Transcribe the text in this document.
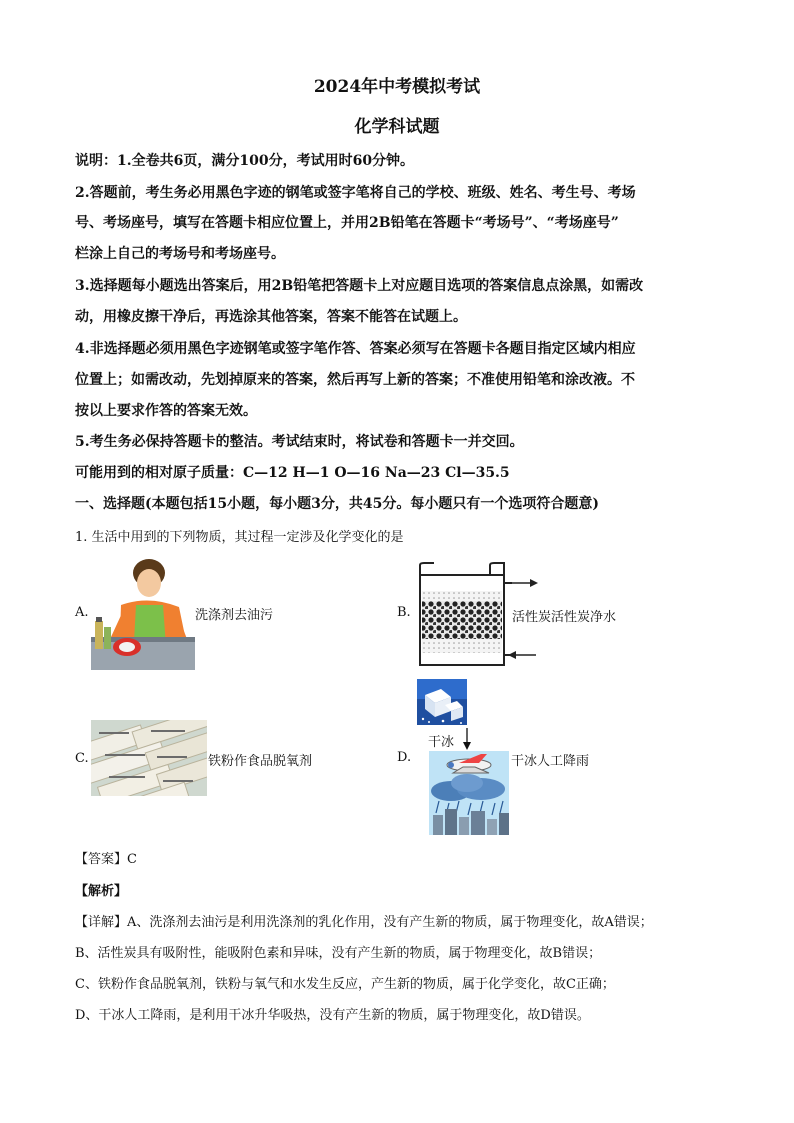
2024年中考模拟考试
化学科试题
说明：1.全卷共6页，满分100分，考试用时60分钟。
2.答题前，考生务必用黑色字迹的钢笔或签字笔将自己的学校、班级、姓名、考生号、考场
号、考场座号，填写在答题卡相应位置上，并用2B铅笔在答题卡“考场号”、“考场座号”
栏涂上自己的考场号和考场座号。
3.选择题每小题选出答案后，用2B铅笔把答题卡上对应题目选项的答案信息点涂黑，如需改
动，用橡皮擦干净后，再选涂其他答案，答案不能答在试题上。
4.非选择题必须用黑色字迹钢笔或签字笔作答、答案必须写在答题卡各题目指定区域内相应
位置上；如需改动，先划掉原来的答案，然后再写上新的答案；不准使用铅笔和涂改液。不
按以上要求作答的答案无效。
5.考生务必保持答题卡的整洁。考试结束时，将试卷和答题卡一并交回。
可能用到的相对原子质量：C—12 H—1 O—16 Na—23 Cl—35.5
一、选择题(本题包括15小题，每小题3分，共45分。每小题只有一个选项符合题意)
1. 生活中用到的下列物质，其过程一定涉及化学变化的是
A.	洗涤剂去油污	B.	活性炭活性炭净水
C.	铁粉作食品脱氧剂	D.
干冰
干冰人工降雨
【答案】C
【解析】
【详解】A、洗涤剂去油污是利用洗涤剂的乳化作用，没有产生新的物质，属于物理变化，故A错误；
B、活性炭具有吸附性，能吸附色素和异味，没有产生新的物质，属于物理变化，故B错误；
C、铁粉作食品脱氧剂，铁粉与氧气和水发生反应，产生新的物质，属于化学变化，故C正确；
D、干冰人工降雨，是利用干冰升华吸热，没有产生新的物质，属于物理变化，故D错误。
